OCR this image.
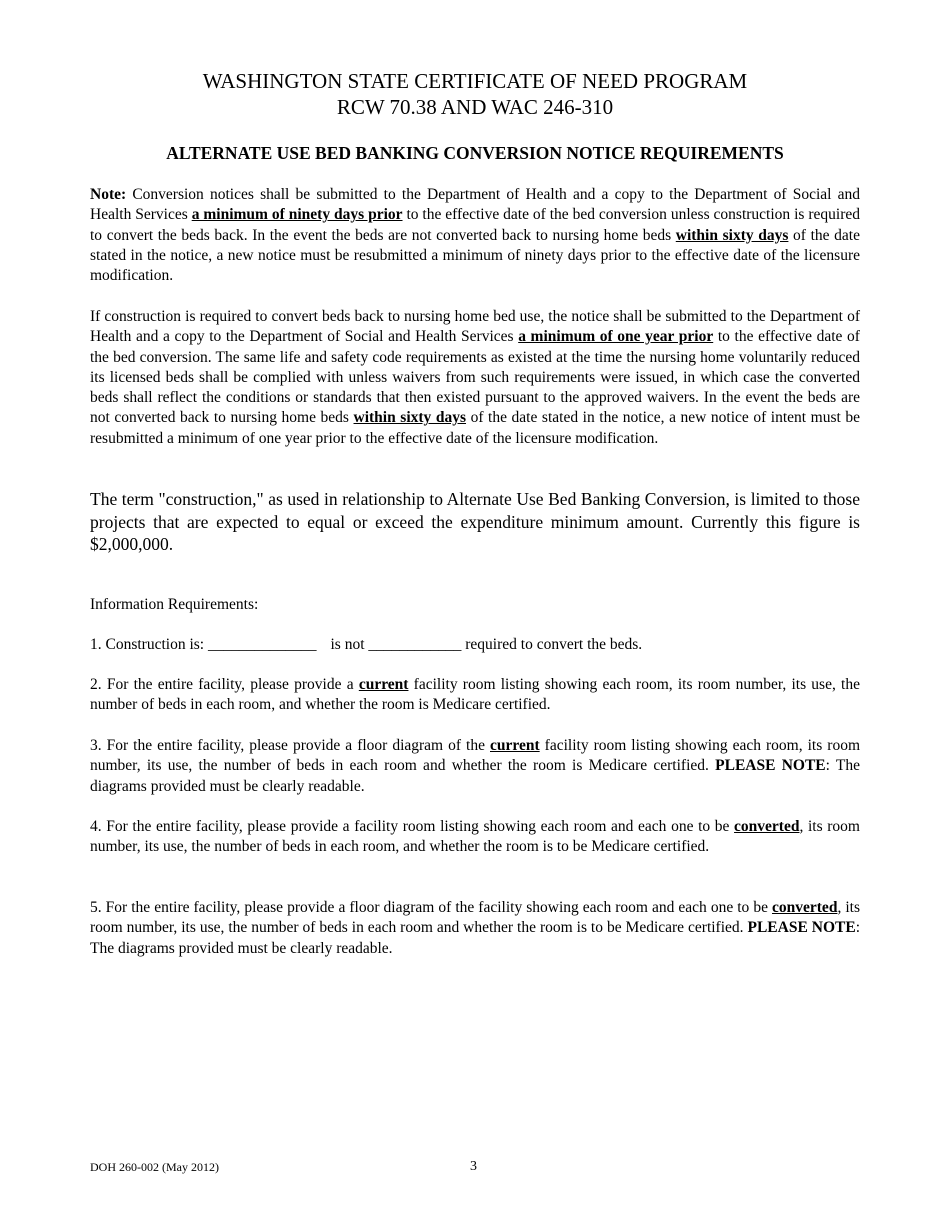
WASHINGTON STATE CERTIFICATE OF NEED PROGRAM
RCW 70.38 AND WAC 246-310
ALTERNATE USE BED BANKING CONVERSION NOTICE REQUIREMENTS

Note: Conversion notices shall be submitted to the Department of Health and a copy to the Department of Social and Health Services a minimum of ninety days prior to the effective date of the bed conversion unless construction is required to convert the beds back. In the event the beds are not converted back to nursing home beds within sixty days of the date stated in the notice, a new notice must be resubmitted a minimum of ninety days prior to the effective date of the licensure modification.

If construction is required to convert beds back to nursing home bed use, the notice shall be submitted to the Department of Health and a copy to the Department of Social and Health Services a minimum of one year prior to the effective date of the bed conversion. The same life and safety code requirements as existed at the time the nursing home voluntarily reduced its licensed beds shall be complied with unless waivers from such requirements were issued, in which case the converted beds shall reflect the conditions or standards that then existed pursuant to the approved waivers. In the event the beds are not converted back to nursing home beds within sixty days of the date stated in the notice, a new notice of intent must be resubmitted a minimum of one year prior to the effective date of the licensure modification.

The term "construction," as used in relationship to Alternate Use Bed Banking Conversion, is limited to those projects that are expected to equal or exceed the expenditure minimum amount. Currently this figure is $2,000,000.

Information Requirements:

1. Construction is: ______________ is not ____________ required to convert the beds.

2. For the entire facility, please provide a current facility room listing showing each room, its room number, its use, the number of beds in each room, and whether the room is Medicare certified.

3. For the entire facility, please provide a floor diagram of the current facility room listing showing each room, its room number, its use, the number of beds in each room and whether the room is Medicare certified. PLEASE NOTE: The diagrams provided must be clearly readable.

4. For the entire facility, please provide a facility room listing showing each room and each one to be converted, its room number, its use, the number of beds in each room, and whether the room is to be Medicare certified.

5. For the entire facility, please provide a floor diagram of the facility showing each room and each one to be converted, its room number, its use, the number of beds in each room and whether the room is to be Medicare certified. PLEASE NOTE: The diagrams provided must be clearly readable.

DOH 260-002 (May 2012)	3
